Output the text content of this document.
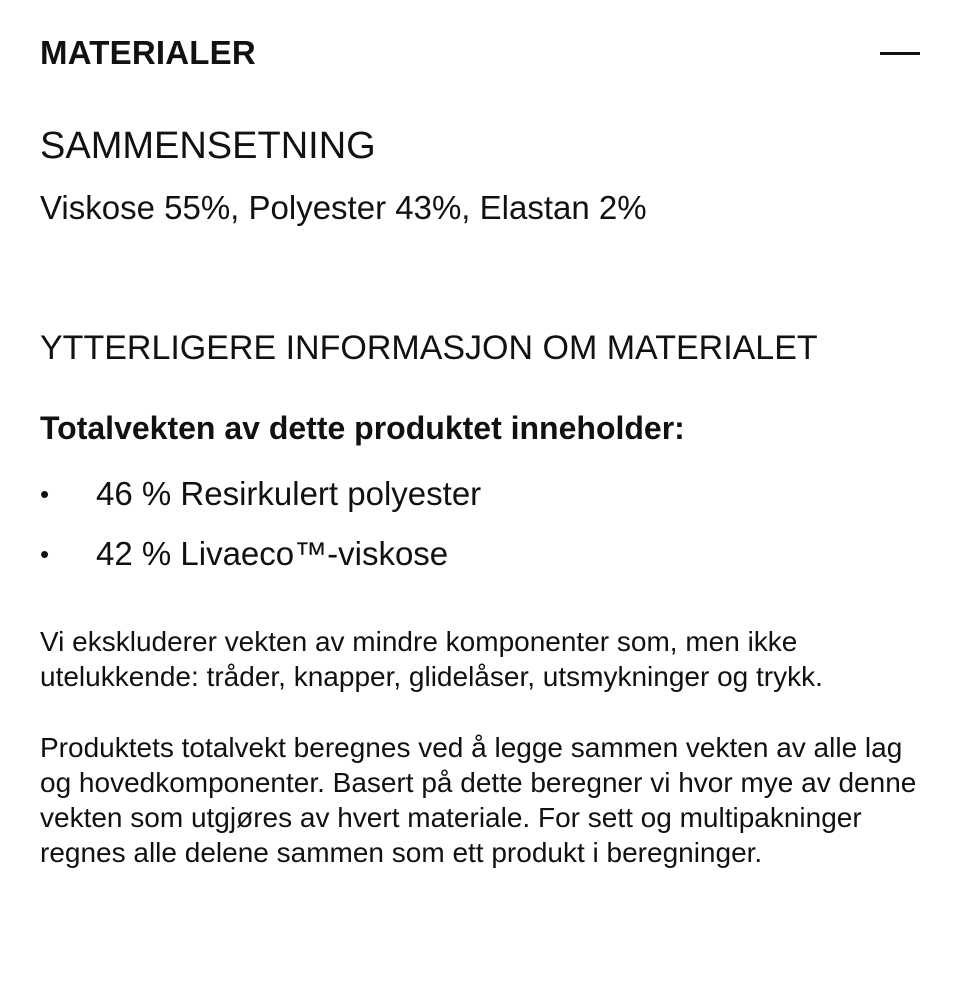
MATERIALER
SAMMENSETNING

Viskose 55%, Polyester 43%, Elastan 2%

YTTERLIGERE INFORMASJON OM MATERIALET

Totalvekten av dette produktet inneholder:

•	46 % Resirkulert polyester
•	42 % Livaeco™-viskose

Vi ekskluderer vekten av mindre komponenter som, men ikke utelukkende: tråder, knapper, glidelåser, utsmykninger og trykk.

Produktets totalvekt beregnes ved å legge sammen vekten av alle lag og hovedkomponenter. Basert på dette beregner vi hvor mye av denne vekten som utgjøres av hvert materiale. For sett og multipakninger regnes alle delene sammen som ett produkt i beregninger.
